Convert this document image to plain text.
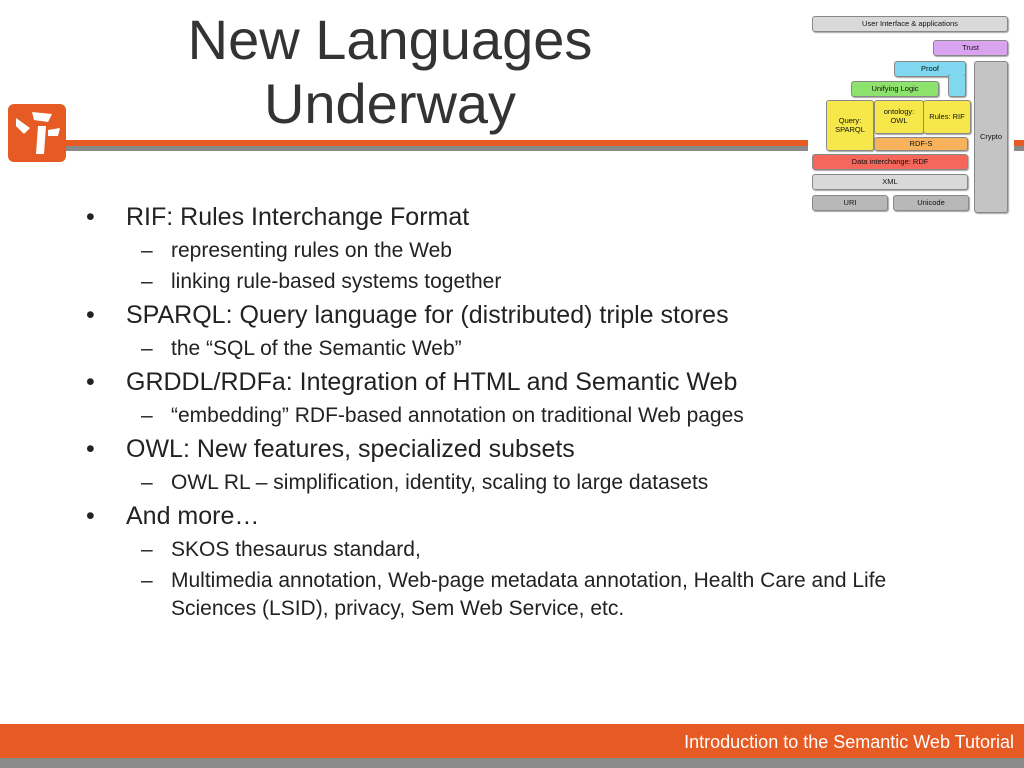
New Languages
Underway
User Interface & applications
Trust
Proof
Unifying Logic
Query: SPARQL
ontology: OWL	Rules: RIF
RDF-S
Crypto
Data interchange: RDF
XML
URI	Unicode
• RIF: Rules Interchange Format
– representing rules on the Web
– linking rule-based systems together
• SPARQL: Query language for (distributed) triple stores
– the “SQL of the Semantic Web”
• GRDDL/RDFa: Integration of HTML and Semantic Web
– “embedding” RDF-based annotation on traditional Web pages
• OWL: New features, specialized subsets
– OWL RL – simplification, identity, scaling to large datasets
• And more…
– SKOS thesaurus standard,
– Multimedia annotation, Web-page metadata annotation, Health Care and Life Sciences (LSID), privacy, Sem Web Service, etc.
Introduction to the Semantic Web Tutorial
